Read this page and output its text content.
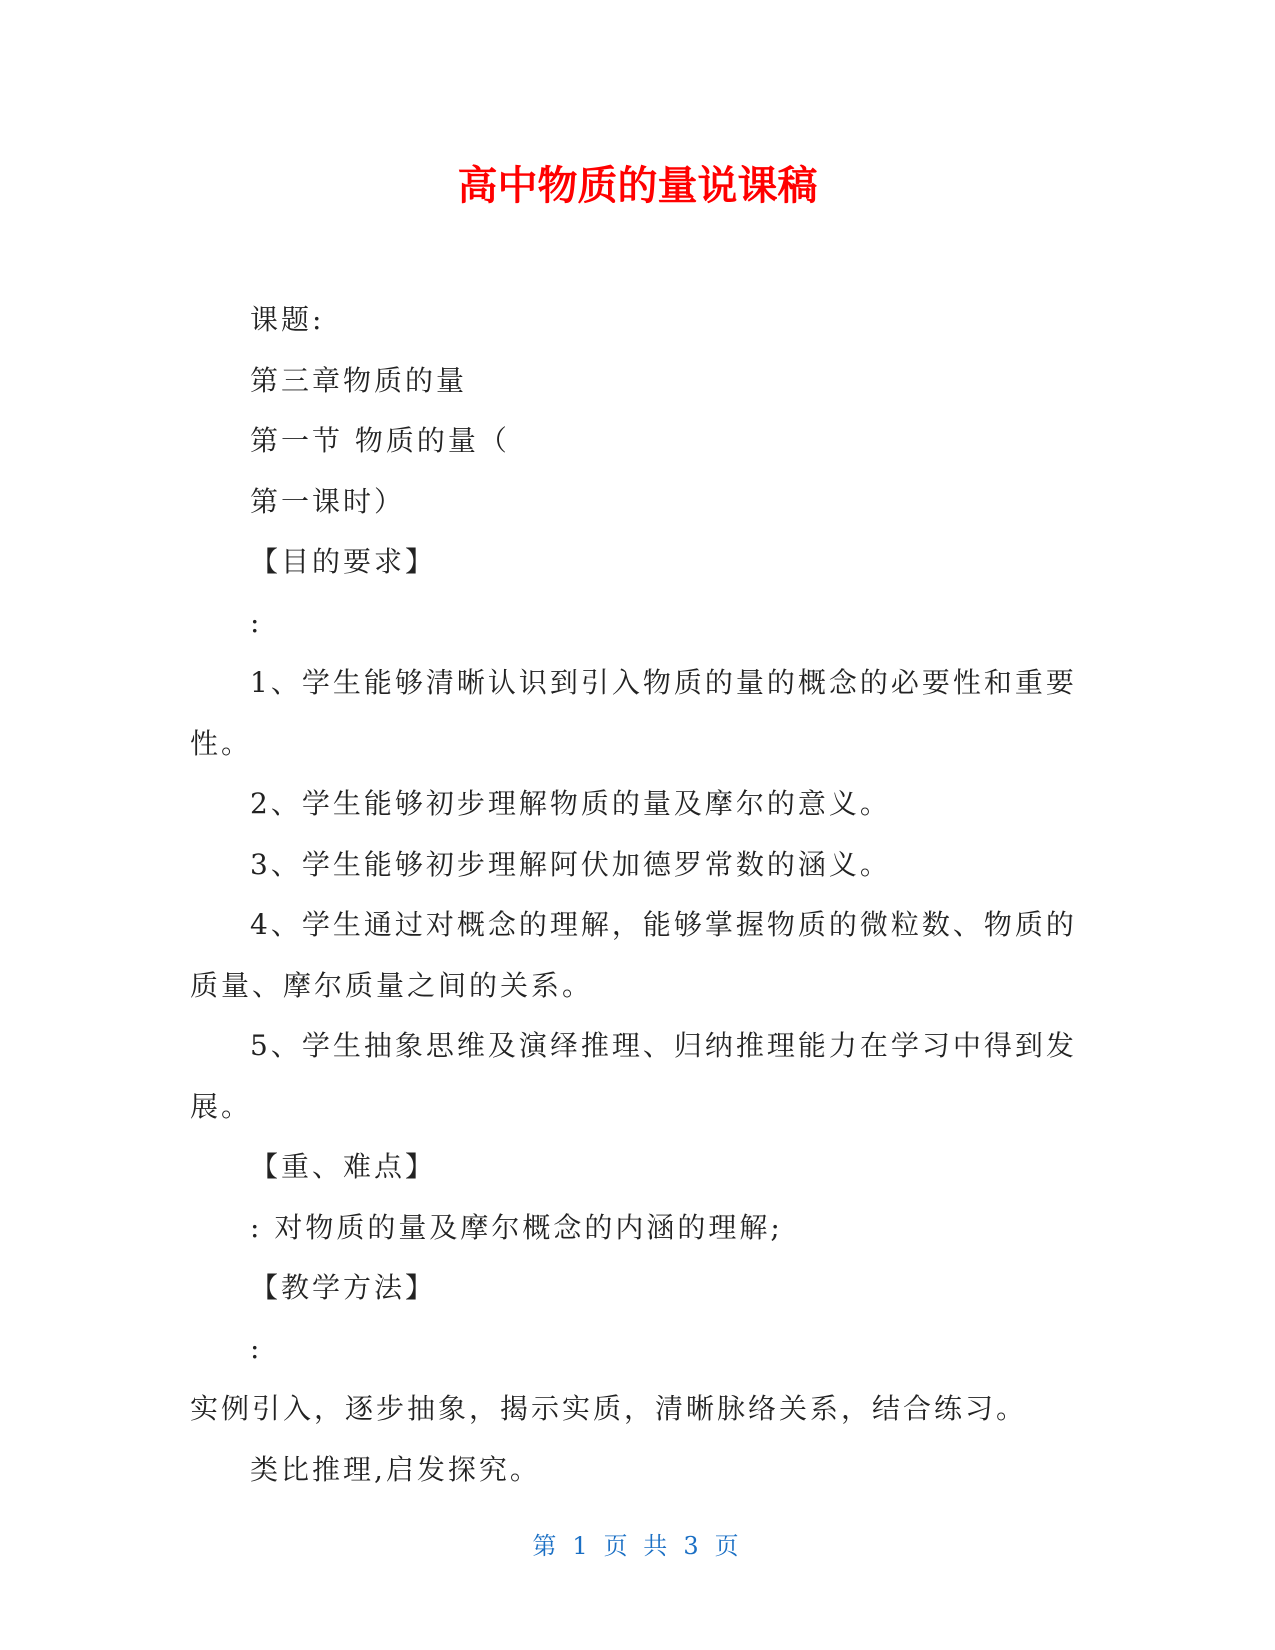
高中物质的量说课稿

课题:

第三章物质的量

第一节 物质的量（

第一课时）

【目的要求】

:

1、学生能够清晰认识到引入物质的量的概念的必要性和重要性。

2、学生能够初步理解物质的量及摩尔的意义。

3、学生能够初步理解阿伏加德罗常数的涵义。

4、学生通过对概念的理解，能够掌握物质的微粒数、物质的质量、摩尔质量之间的关系。

5、学生抽象思维及演绎推理、归纳推理能力在学习中得到发展。

【重、难点】

: 对物质的量及摩尔概念的内涵的理解;

【教学方法】

:

实例引入，逐步抽象，揭示实质，清晰脉络关系，结合练习。

类比推理,启发探究。

第 1 页 共 3 页
